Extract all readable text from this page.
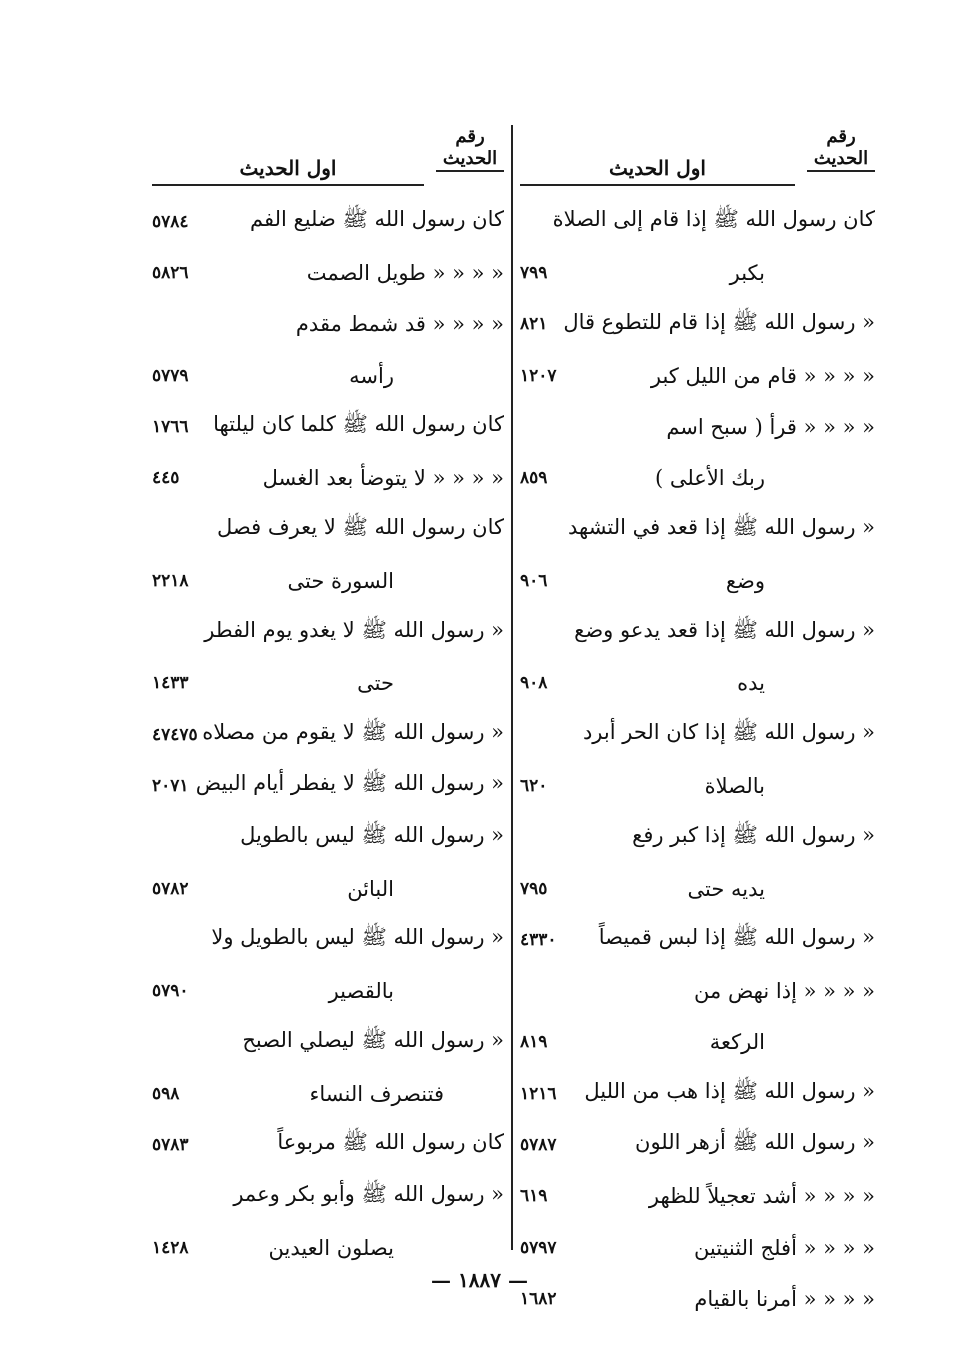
رقم
الحديث
اول الحديث
كان رسول الله ﷺ إذا قام إلى الصلاة
بكبر
٧٩٩
« رسول الله ﷺ إذا قام للتطوع قال
٨٢١
« « « « قام من الليل كبر
١٢٠٧
« « « « قرأ ( سبح اسم
ربك الأعلى )
٨٥٩
« رسول الله ﷺ إذا قعد في التشهد
وضع
٩٠٦
« رسول الله ﷺ إذا قعد يدعو وضع
يده
٩٠٨
« رسول الله ﷺ إذا كان الحر أبرد
بالصلاة
٦٢٠
« رسول الله ﷺ إذا كبر رفع
يديه حتى
٧٩٥
« رسول الله ﷺ إذا لبس قميصاً
٤٣٣٠
« « « « إذا نهض من
الركعة
٨١٩
« رسول الله ﷺ إذا هب من الليل
١٢١٦
« رسول الله ﷺ أزهر اللون
٥٧٨٧
« « « « أشد تعجيلاً للظهر
٦١٩
« « « « أفلج الثنيتين
٥٧٩٧
« « « « أمرنا بالقيام
١٦٨٢
رقم
الحديث
اول الحديث
كان رسول الله ﷺ ضليع الفم
٥٧٨٤
« « « « طويل الصمت
٥٨٢٦
« « « « قد شمط مقدم
رأسه
٥٧٧٩
كان رسول الله ﷺ كلما كان ليلتها
١٧٦٦
« « « « لا يتوضأ بعد الغسل
٤٤٥
كان رسول الله ﷺ لا يعرف فصل
السورة حتى
٢٢١٨
« رسول الله ﷺ لا يغدو يوم الفطر
حتى
١٤٣٣
« رسول الله ﷺ لا يقوم من مصلاه
٤٧٤٧٥
« رسول الله ﷺ لا يفطر أيام البيض
٢٠٧١
« رسول الله ﷺ ليس بالطويل
البائن
٥٧٨٢
« رسول الله ﷺ ليس بالطويل ولا
بالقصير
٥٧٩٠
« رسول الله ﷺ ليصلي الصبح
فتنصرف النساء
٥٩٨
كان رسول الله ﷺ مربوعاً
٥٧٨٣
« رسول الله ﷺ وأبو بكر وعمر
يصلون العيدين
١٤٢٨
— ١٨٨٧ —
